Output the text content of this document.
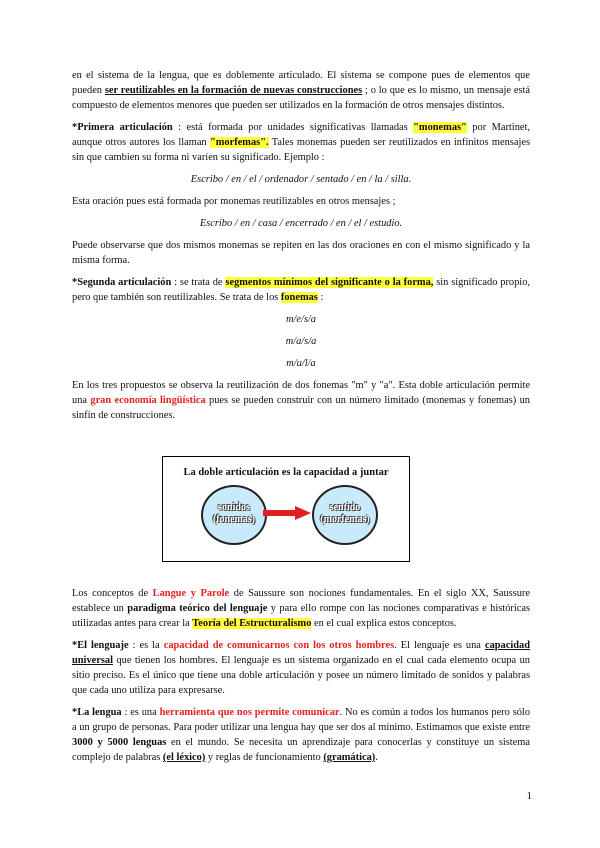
en el sistema de la lengua, que es doblemente articulado. El sistema se compone pues de elementos que pueden ser reutilizables en la formación de nuevas construcciones ; o lo que es lo mismo, un mensaje está compuesto de elementos menores que pueden ser utilizados en la formación de otros mensajes distintos.

*Primera articulación : está formada por unidades significativas llamadas "monemas" por Martinet, aunque otros autores los llaman "morfemas". Tales monemas pueden ser reutilizados en infinitos mensajes sin que cambien su forma ni varíen su significado. Ejemplo :

Escribo / en / el / ordenador / sentado / en / la / silla.

Esta oración pues está formada por monemas reutilizables en otros mensajes ;

Escribo / en / casa / encerrado / en / el / estudio.

Puede observarse que dos mismos monemas se repiten en las dos oraciones en con el mismo significado y la misma forma.

*Segunda articulación : se trata de segmentos mínimos del significante o la forma, sin significado propio, pero que también son reutilizables. Se trata de los fonemas :

m/e/s/a

m/a/s/a

m/u/l/a

En los tres propuestos se observa la reutilización de dos fonemas "m" y "a". Esta doble articulación permite una gran economía lingüística pues se pueden construir con un número limitado (monemas y fonemas) un sinfín de construcciones.

La doble articulación es la capacidad a juntar
sonidos
(fonemas)
sentido
(morfemas)

Los conceptos de Langue y Parole de Saussure son nociones fundamentales. En el siglo XX, Saussure establece un paradigma teórico del lenguaje y para ello rompe con las nociones comparativas e históricas utilizadas antes para crear la Teoría del Estructuralismo en el cual explica estos conceptos.

*El lenguaje : es la capacidad de comunicarnos con los otros hombres. El lenguaje es una capacidad universal que tienen los hombres. El lenguaje es un sistema organizado en el cual cada elemento ocupa un sitio preciso. Es el único que tiene una doble articulación y posee un número limitado de sonidos y palabras que cada uno utiliza para expresarse.

*La lengua : es una herramienta que nos permite comunicar. No es común a todos los humanos pero sólo a un grupo de personas. Para poder utilizar una lengua hay que ser dos al mínimo. Estimamos que existe entre 3000 y 5000 lenguas en el mundo. Se necesita un aprendizaje para conocerlas y constituye un sistema complejo de palabras (el léxico) y reglas de funcionamiento (gramática).

1
